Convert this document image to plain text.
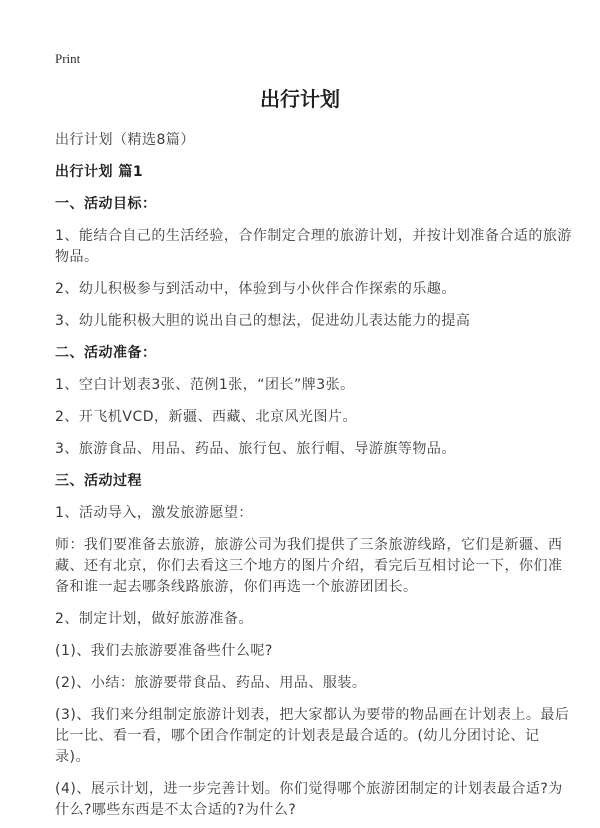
Print
出行计划

出行计划（精选8篇）

出行计划 篇1

一、活动目标：

1、能结合自己的生活经验，合作制定合理的旅游计划，并按计划准备合适的旅游物品。

2、幼儿积极参与到活动中，体验到与小伙伴合作探索的乐趣。

3、幼儿能积极大胆的说出自己的想法，促进幼儿表达能力的提高

二、活动准备：

1、空白计划表3张、范例1张，“团长”牌3张。

2、开飞机VCD，新疆、西藏、北京风光图片。

3、旅游食品、用品、药品、旅行包、旅行帽、导游旗等物品。

三、活动过程

1、活动导入，激发旅游愿望：

师：我们要准备去旅游，旅游公司为我们提供了三条旅游线路，它们是新疆、西藏、还有北京，你们去看这三个地方的图片介绍，看完后互相讨论一下，你们准备和谁一起去哪条线路旅游，你们再选一个旅游团团长。

2、制定计划，做好旅游准备。

(1)、我们去旅游要准备些什么呢?

(2)、小结：旅游要带食品、药品、用品、服装。

(3)、我们来分组制定旅游计划表，把大家都认为要带的物品画在计划表上。最后比一比、看一看，哪个团合作制定的计划表是最合适的。(幼儿分团讨论、记录)。

(4)、展示计划，进一步完善计划。你们觉得哪个旅游团制定的计划表最合适?为什么?哪些东西是不太合适的?为什么?
